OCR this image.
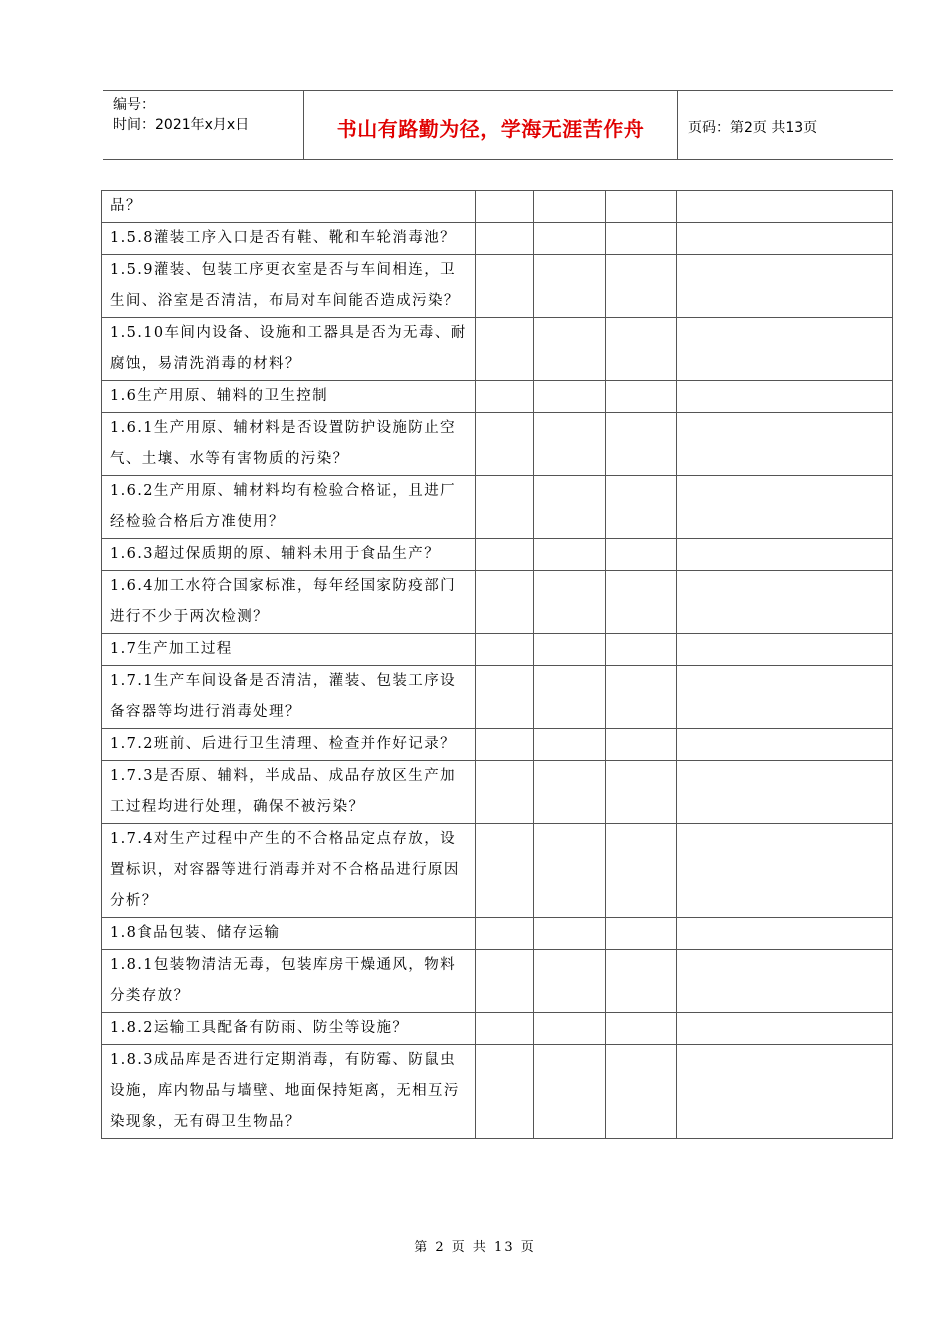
编号：
时间：2021年x月x日	书山有路勤为径，学海无涯苦作舟	页码：第2页 共13页
品？				
1.5.8灌装工序入口是否有鞋、靴和车轮消毒池？				
1.5.9灌装、包装工序更衣室是否与车间相连，卫生间、浴室是否清洁，布局对车间能否造成污染？				
1.5.10车间内设备、设施和工器具是否为无毒、耐腐蚀，易清洗消毒的材料？				
1.6生产用原、辅料的卫生控制				
1.6.1生产用原、辅材料是否设置防护设施防止空气、土壤、水等有害物质的污染？				
1.6.2生产用原、辅材料均有检验合格证，且进厂经检验合格后方准使用？				
1.6.3超过保质期的原、辅料未用于食品生产？				
1.6.4加工水符合国家标准，每年经国家防疫部门进行不少于两次检测？				
1.7生产加工过程				
1.7.1生产车间设备是否清洁，灌装、包装工序设备容器等均进行消毒处理？				
1.7.2班前、后进行卫生清理、检查并作好记录？				
1.7.3是否原、辅料，半成品、成品存放区生产加工过程均进行处理，确保不被污染？				
1.7.4对生产过程中产生的不合格品定点存放，设置标识，对容器等进行消毒并对不合格品进行原因分析？				
1.8食品包装、储存运输				
1.8.1包装物清洁无毒，包装库房干燥通风，物料分类存放？				
1.8.2运输工具配备有防雨、防尘等设施？				
1.8.3成品库是否进行定期消毒，有防霉、防鼠虫设施，库内物品与墙壁、地面保持矩离，无相互污染现象，无有碍卫生物品？				
第 2 页 共 13 页
